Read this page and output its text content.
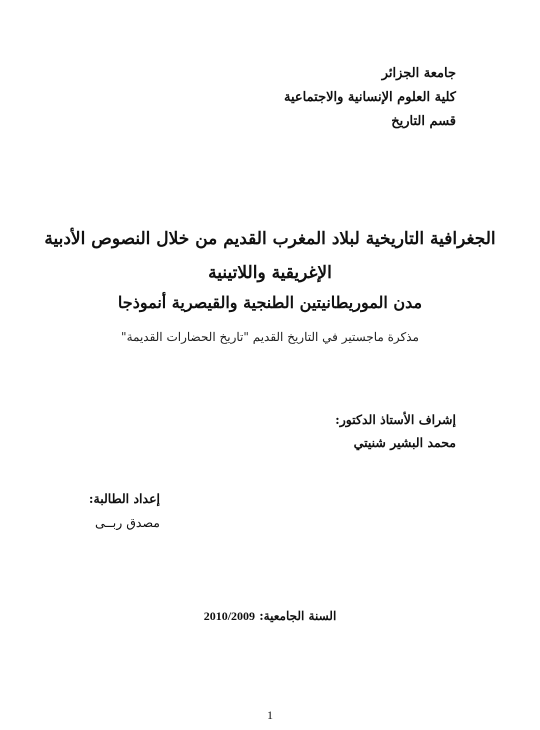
جامعة الجزائر
كلية العلوم الإنسانية والاجتماعية
قسم التاريخ
الجغرافية التاريخية لبلاد المغرب القديم من خلال النصوص الأدبية
الإغريقية واللاتينية
مدن الموريطانيتين الطنجية والقيصرية أنموذجا
مذكرة ماجستير في التاريخ القديم "تاريخ الحضارات القديمة"
إشراف الأستاذ الدكتور:
محمد البشير شنيتي
إعداد الطالبة:
مصدق ربــى
السنة الجامعية: 2010/2009
1
